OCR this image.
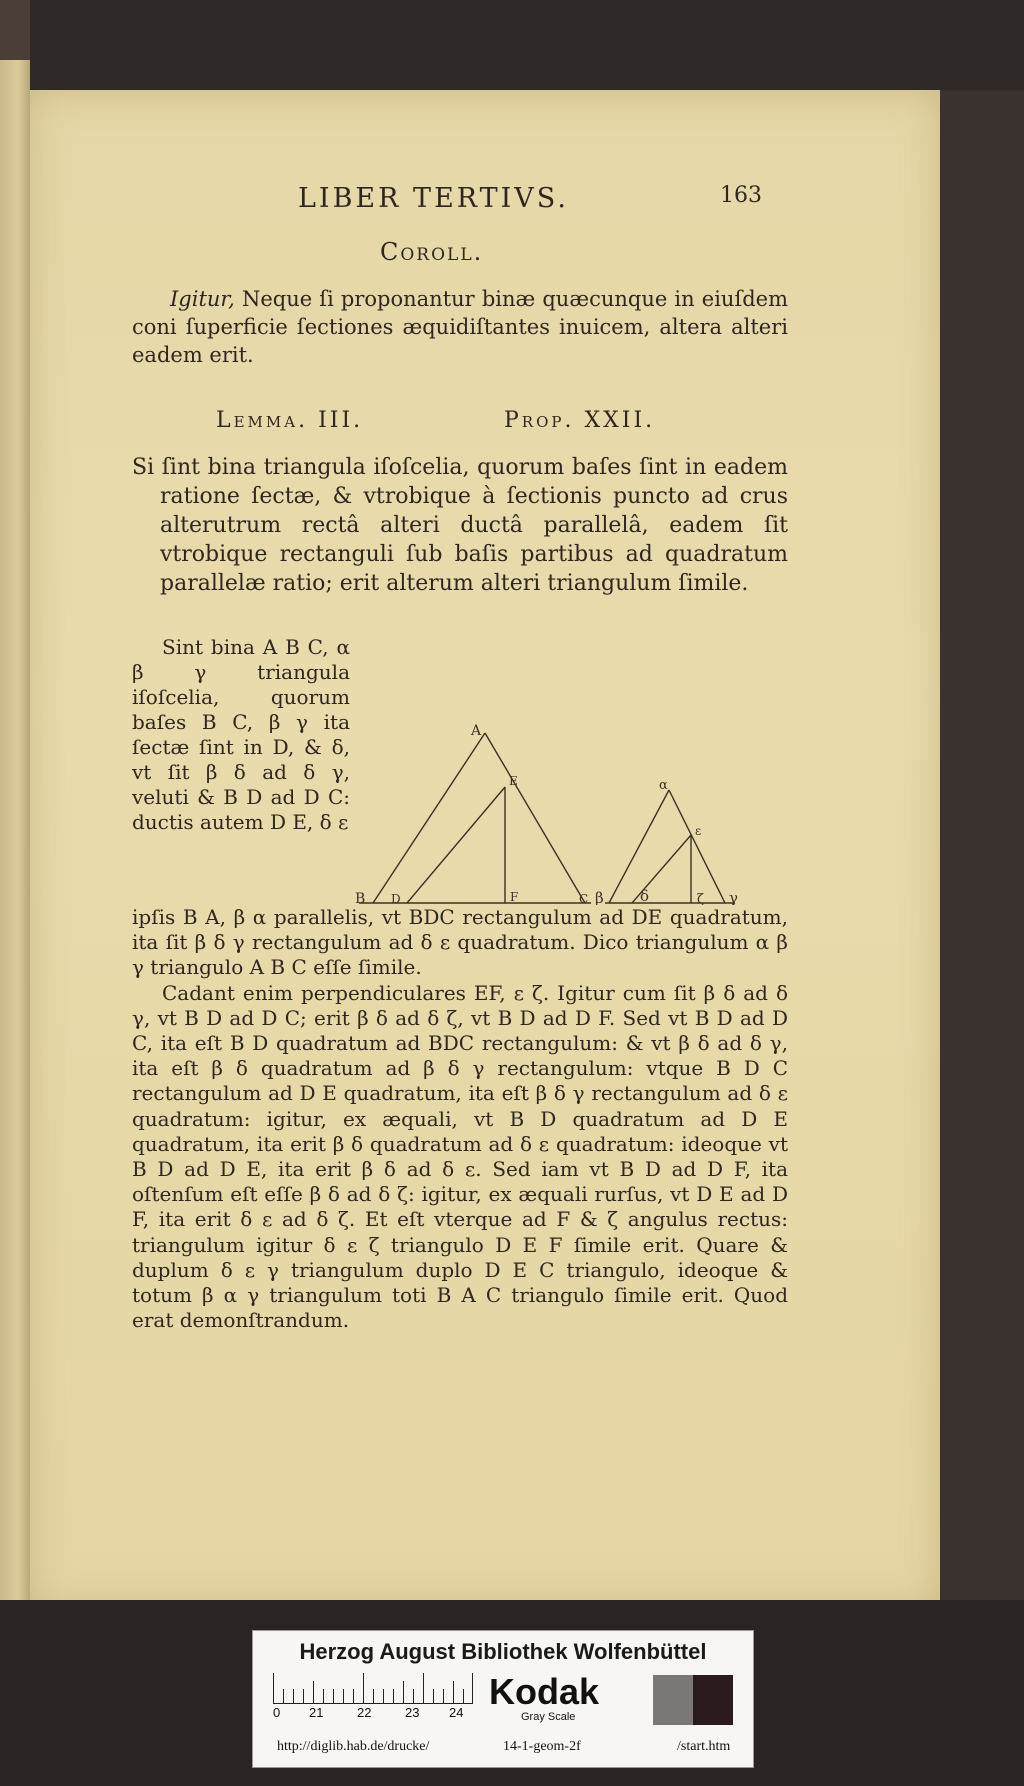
LIBER TERTIVS.	163
Coroll.
Igitur, Neque ſi proponantur binæ quæcunque in eiuſdem coni ſuperficie ſectiones æquidiſtantes inuicem, altera alteri eadem erit.
Lemma. III.	Prop. XXII.
Si ſint bina triangula iſoſcelia, quorum baſes ſint in eadem ratione ſectæ, & vtrobique à ſectionis puncto ad crus alterutrum rectâ alteri ductâ parallelâ, eadem ſit vtrobique rectanguli ſub baſis partibus ad quadratum parallelæ ratio; erit alterum alteri triangulum ſimile.
Sint bina A B C, α β γ triangula iſoſcelia, quorum baſes B C, β γ ita ſectæ ſint in D, & δ, vt ſit β δ ad δ γ, veluti & B D ad D C: ductis autem D E, δ ε
A
E
B D	F	C
α
ε
β δ	ζ γ

ipſis B A, β α parallelis, vt BDC rectangulum ad DE quadratum, ita ſit β δ γ rectangulum ad δ ε quadratum. Dico triangulum α β γ triangulo A B C eſſe ſimile.

Cadant enim perpendiculares EF, ε ζ. Igitur cum ſit β δ ad δ γ, vt B D ad D C; erit β δ ad δ ζ, vt B D ad D F. Sed vt B D ad D C, ita eſt B D quadratum ad BDC rectangulum: & vt β δ ad δ γ, ita eſt β δ quadratum ad β δ γ rectangulum: vtque B D C rectangulum ad D E quadratum, ita eſt β δ γ rectangulum ad δ ε quadratum: igitur, ex æquali, vt B D quadratum ad D E quadratum, ita erit β δ quadratum ad δ ε quadratum: ideoque vt B D ad D E, ita erit β δ ad δ ε. Sed iam vt B D ad D F, ita oſtenſum eſt eſſe β δ ad δ ζ: igitur, ex æquali rurſus, vt D E ad D F, ita erit δ ε ad δ ζ. Et eſt vterque ad F & ζ angulus rectus: triangulum igitur δ ε ζ triangulo D E F ſimile erit. Quare & duplum δ ε γ triangulum duplo D E C triangulo, ideoque & totum β α γ triangulum toti B A C triangulo ſimile erit. Quod erat demonſtrandum.

Herzog August Bibliothek Wolfenbüttel
0 21	22	23 24
Kodak
Gray Scale
http://diglib.hab.de/drucke/	14-1-geom-2f	/start.htm
